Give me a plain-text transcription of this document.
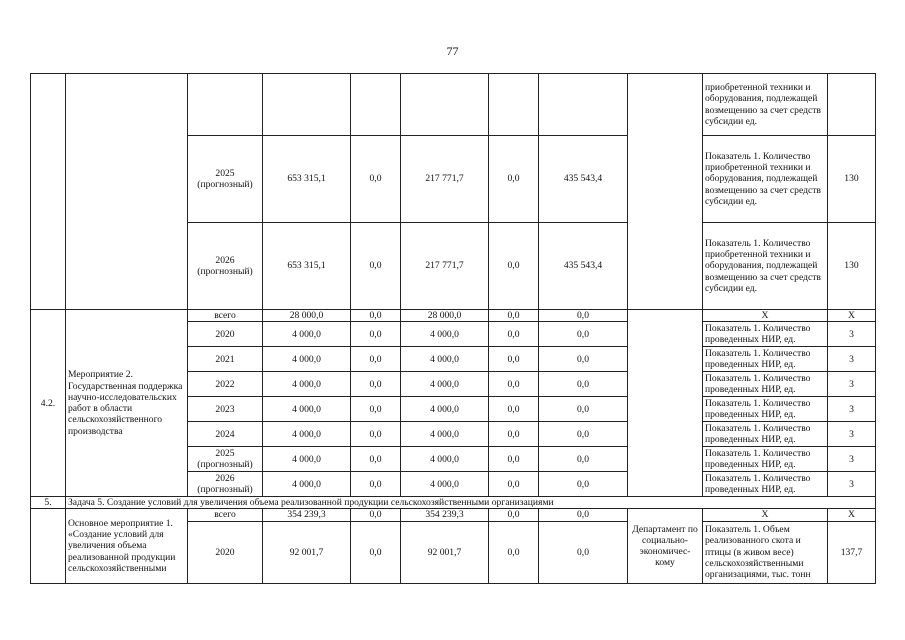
77
									приобретенной техники и оборудования, подлежащей возмещению за счет средств субсидии ед.	
		2025 (прогнозный)	653 315,1	0,0	217 771,7	0,0	435 543,4		Показатель 1. Количество приобретенной техники и оборудования, подлежащей возмещению за счет средств субсидии ед.	130
		2026 (прогнозный)	653 315,1	0,0	217 771,7	0,0	435 543,4		Показатель 1. Количество приобретенной техники и оборудования, подлежащей возмещению за счет средств субсидии ед.	130
4.2.	Мероприятие 2. Государственная поддержка научно-исследовательских работ в области сельскохозяйственного производства	всего	28 000,0	0,0	28 000,0	0,0	0,0		X	X
		2020	4 000,0	0,0	4 000,0	0,0	0,0		Показатель 1. Количество проведенных НИР, ед.	3
		2021	4 000,0	0,0	4 000,0	0,0	0,0		Показатель 1. Количество проведенных НИР, ед.	3
		2022	4 000,0	0,0	4 000,0	0,0	0,0		Показатель 1. Количество проведенных НИР, ед.	3
		2023	4 000,0	0,0	4 000,0	0,0	0,0		Показатель 1. Количество проведенных НИР, ед.	3
		2024	4 000,0	0,0	4 000,0	0,0	0,0		Показатель 1. Количество проведенных НИР, ед.	3
		2025 (прогнозный)	4 000,0	0,0	4 000,0	0,0	0,0		Показатель 1. Количество проведенных НИР, ед.	3
		2026 (прогнозный)	4 000,0	0,0	4 000,0	0,0	0,0		Показатель 1. Количество проведенных НИР, ед.	3
5.	Задача 5. Создание условий для увеличения объема реализованной продукции сельскохозяйственными организациями									
	Основное мероприятие 1. «Создание условий для увеличения объема реализованной продукции сельскохозяйственными	всего	354 239,3	0,0	354 239,3	0,0	0,0	Департамент по социально-экономичес-кому	X	X
		2020	92 001,7	0,0	92 001,7	0,0	0,0		Показатель 1. Объем реализованного скота и птицы (в живом весе) сельскохозяйственными организациями, тыс. тонн	137,7
